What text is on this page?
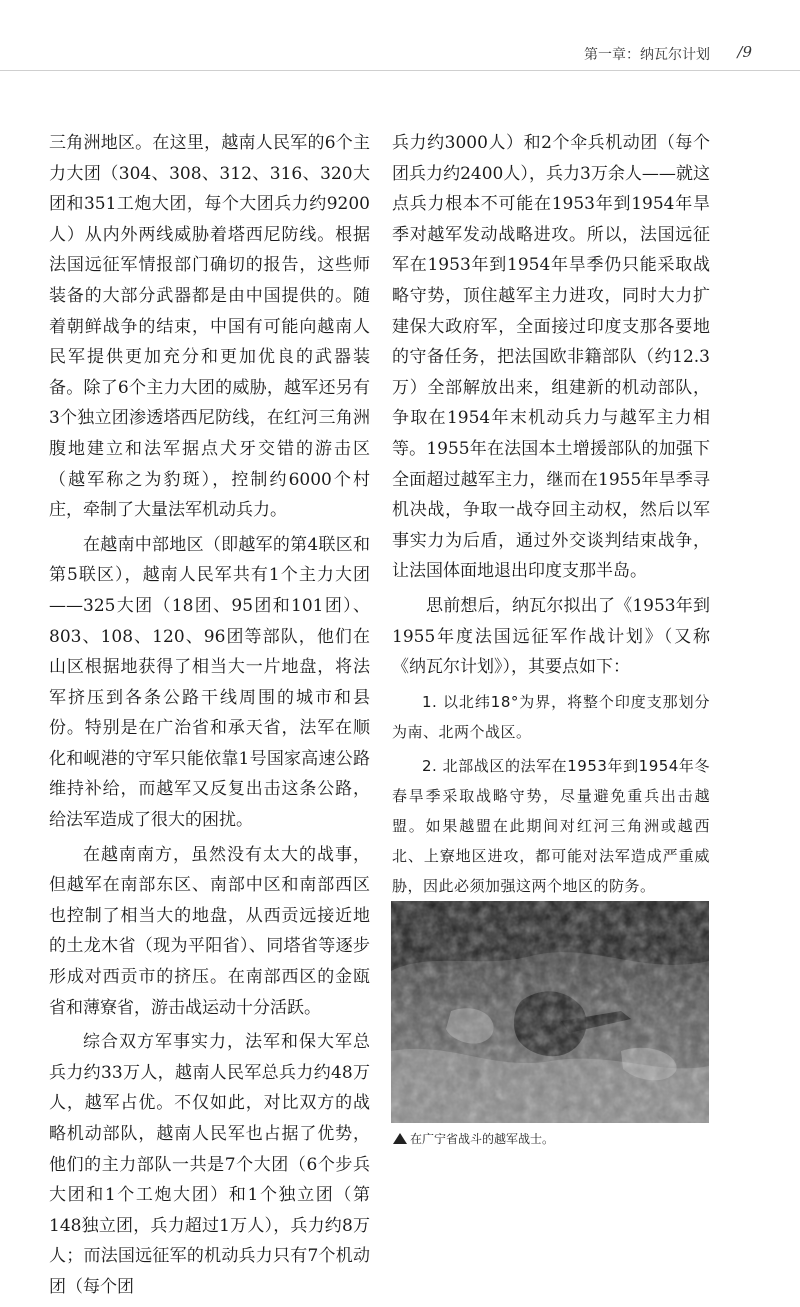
第一章：纳瓦尔计划 /9

三角洲地区。在这里，越南人民军的6个主力大团（304、308、312、316、320大团和351工炮大团，每个大团兵力约9200人）从内外两线威胁着塔西尼防线。根据法国远征军情报部门确切的报告，这些师装备的大部分武器都是由中国提供的。随着朝鲜战争的结束，中国有可能向越南人民军提供更加充分和更加优良的武器装备。除了6个主力大团的威胁，越军还另有3个独立团渗透塔西尼防线，在红河三角洲腹地建立和法军据点犬牙交错的游击区（越军称之为豹斑），控制约6000个村庄，牵制了大量法军机动兵力。

在越南中部地区（即越军的第4联区和第5联区），越南人民军共有1个主力大团——325大团（18团、95团和101团）、803、108、120、96团等部队，他们在山区根据地获得了相当大一片地盘，将法军挤压到各条公路干线周围的城市和县份。特别是在广治省和承天省，法军在顺化和岘港的守军只能依靠1号国家高速公路维持补给，而越军又反复出击这条公路，给法军造成了很大的困扰。

在越南南方，虽然没有太大的战事，但越军在南部东区、南部中区和南部西区也控制了相当大的地盘，从西贡远接近地的土龙木省（现为平阳省）、同塔省等逐步形成对西贡市的挤压。在南部西区的金瓯省和薄寮省，游击战运动十分活跃。

综合双方军事实力，法军和保大军总兵力约33万人，越南人民军总兵力约48万人，越军占优。不仅如此，对比双方的战略机动部队，越南人民军也占据了优势，他们的主力部队一共是7个大团（6个步兵大团和1个工炮大团）和1个独立团（第148独立团，兵力超过1万人），兵力约8万人；而法国远征军的机动兵力只有7个机动团（每个团

兵力约3000人）和2个伞兵机动团（每个团兵力约2400人），兵力3万余人——就这点兵力根本不可能在1953年到1954年旱季对越军发动战略进攻。所以，法国远征军在1953年到1954年旱季仍只能采取战略守势，顶住越军主力进攻，同时大力扩建保大政府军，全面接过印度支那各要地的守备任务，把法国欧非籍部队（约12.3万）全部解放出来，组建新的机动部队，争取在1954年末机动兵力与越军主力相等。1955年在法国本土增援部队的加强下全面超过越军主力，继而在1955年旱季寻机决战，争取一战夺回主动权，然后以军事实力为后盾，通过外交谈判结束战争，让法国体面地退出印度支那半岛。

思前想后，纳瓦尔拟出了《1953年到1955年度法国远征军作战计划》（又称《纳瓦尔计划》），其要点如下：

1. 以北纬18°为界，将整个印度支那划分为南、北两个战区。

2. 北部战区的法军在1953年到1954年冬春旱季采取战略守势，尽量避免重兵出击越盟。如果越盟在此期间对红河三角洲或越西北、上寮地区进攻，都可能对法军造成严重威胁，因此必须加强这两个地区的防务。

在广宁省战斗的越军战士。
